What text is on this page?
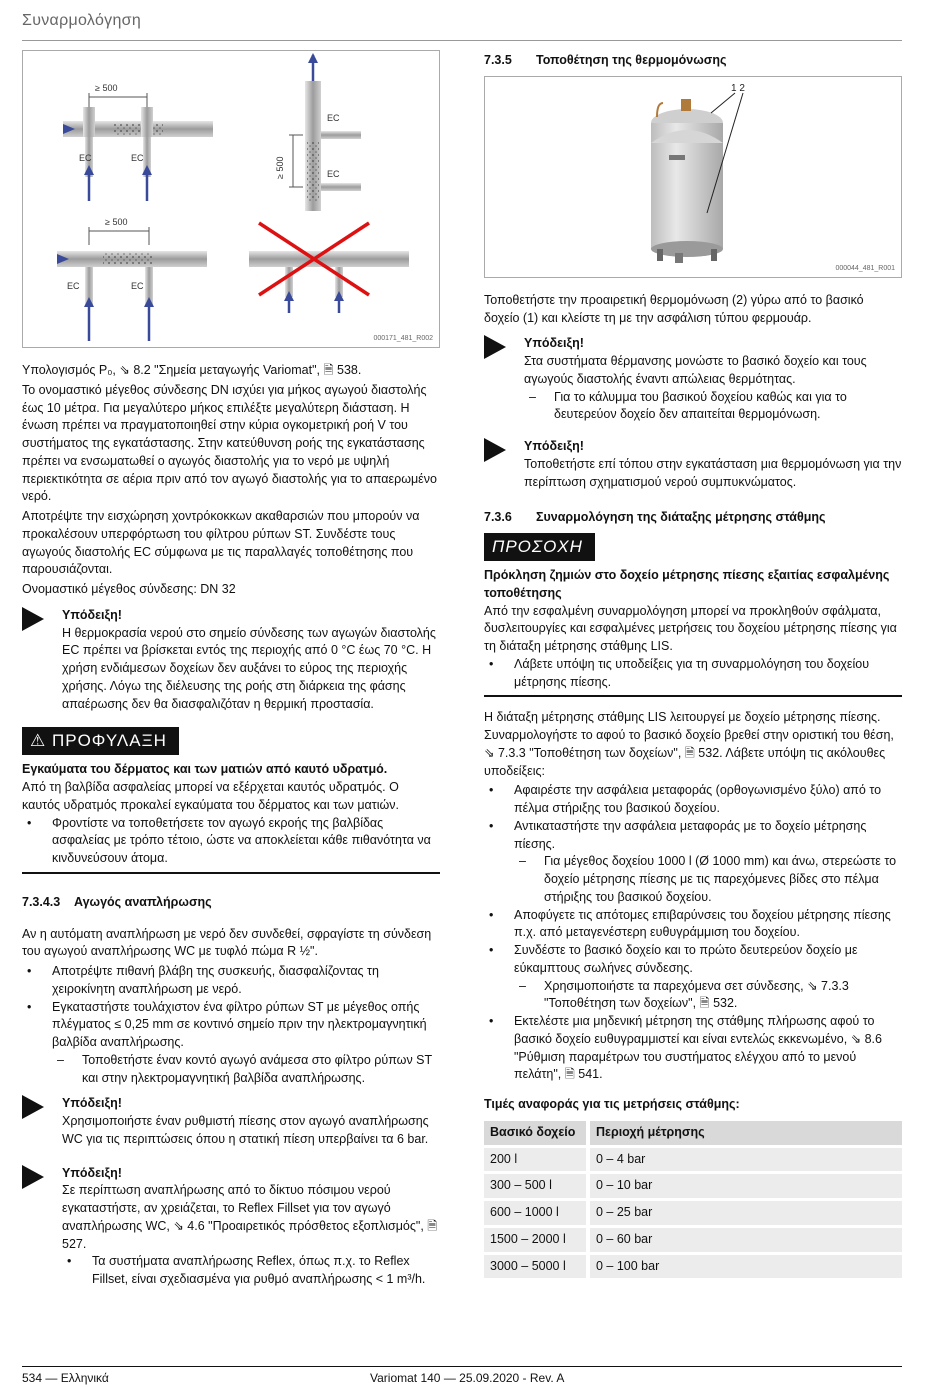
Συναρμολόγηση
≥ 500
EC	EC	≥ 500
EC
EC
≥ 500
EC	EC
000171_481_R002

Υπολογισμός P₀, ⇘ 8.2 "Σημεία μεταγωγής Variomat", 🗎 538.

Το ονομαστικό μέγεθος σύνδεσης DN ισχύει για μήκος αγωγού διαστολής έως 10 μέτρα. Για μεγαλύτερο μήκος επιλέξτε μεγαλύτερη διάσταση. Η ένωση πρέπει να πραγματοποιηθεί στην κύρια ογκομετρική ροή V του συστήματος της εγκατάστασης. Στην κατεύθυνση ροής της εγκατάστασης πρέπει να ενσωματωθεί ο αγωγός διαστολής για το νερό με υψηλή περιεκτικότητα σε αέρια πριν από τον αγωγό διαστολής για το απαερωμένο νερό.

Αποτρέψτε την εισχώρηση χοντρόκοκκων ακαθαρσιών που μπορούν να προκαλέσουν υπερφόρτωση του φίλτρου ρύπων ST. Συνδέστε τους αγωγούς διαστολής EC σύμφωνα με τις παραλλαγές τοποθέτησης που παρουσιάζονται.

Ονομαστικό μέγεθος σύνδεσης: DN 32

Υπόδειξη!
Η θερμοκρασία νερού στο σημείο σύνδεσης των αγωγών διαστολής EC πρέπει να βρίσκεται εντός της περιοχής από 0 °C έως 70 °C. Η χρήση ενδιάμεσων δοχείων δεν αυξάνει το εύρος της περιοχής χρήσης. Λόγω της διέλευσης της ροής στη διάρκεια της φάσης απαέρωσης δεν θα διασφαλιζόταν η θερμική προστασία.
⚠ ΠΡΟΦΥΛΑΞΗ
Εγκαύματα του δέρματος και των ματιών από καυτό υδρατμό.
Από τη βαλβίδα ασφαλείας μπορεί να εξέρχεται καυτός υδρατμός. Ο καυτός υδρατμός προκαλεί εγκαύματα του δέρματος και των ματιών.
• Φροντίστε να τοποθετήσετε τον αγωγό εκροής της βαλβίδας ασφαλείας με τρόπο τέτοιο, ώστε να αποκλείεται κάθε πιθανότητα να κινδυνεύσουν άτομα.
7.3.4.3	Αγωγός αναπλήρωσης

Αν η αυτόματη αναπλήρωση με νερό δεν συνδεθεί, σφραγίστε τη σύνδεση του αγωγού αναπλήρωσης WC με τυφλό πώμα R ½".

• Αποτρέψτε πιθανή βλάβη της συσκευής, διασφαλίζοντας τη χειροκίνητη αναπλήρωση με νερό.
• Εγκαταστήστε τουλάχιστον ένα φίλτρο ρύπων ST με μέγεθος οπής πλέγματος ≤ 0,25 mm σε κοντινό σημείο πριν την ηλεκτρομαγνητική βαλβίδα αναπλήρωσης.
– Τοποθετήστε έναν κοντό αγωγό ανάμεσα στο φίλτρο ρύπων ST και στην ηλεκτρομαγνητική βαλβίδα αναπλήρωσης.
Υπόδειξη!
Χρησιμοποιήστε έναν ρυθμιστή πίεσης στον αγωγό αναπλήρωσης WC για τις περιπτώσεις όπου η στατική πίεση υπερβαίνει τα 6 bar.
Υπόδειξη!
Σε περίπτωση αναπλήρωσης από το δίκτυο πόσιμου νερού εγκαταστήστε, αν χρειάζεται, το Reflex Fillset για τον αγωγό αναπλήρωσης WC, ⇘ 4.6 "Προαιρετικός πρόσθετος εξοπλισμός", 🗎 527.
• Τα συστήματα αναπλήρωσης Reflex, όπως π.χ. το Reflex Fillset, είναι σχεδιασμένα για ρυθμό αναπλήρωσης < 1 m³/h.
7.3.5	Τοποθέτηση της θερμομόνωσης
1 2
000044_481_R001

Τοποθετήστε την προαιρετική θερμομόνωση (2) γύρω από το βασικό δοχείο (1) και κλείστε τη με την ασφάλιση τύπου φερμουάρ.

Υπόδειξη!
Στα συστήματα θέρμανσης μονώστε το βασικό δοχείο και τους αγωγούς διαστολής έναντι απώλειας θερμότητας.
– Για το κάλυμμα του βασικού δοχείου καθώς και για το δευτερεύον δοχείο δεν απαιτείται θερμομόνωση.
Υπόδειξη!
Τοποθετήστε επί τόπου στην εγκατάσταση μια θερμομόνωση για την περίπτωση σχηματισμού νερού συμπυκνώματος.
7.3.6	Συναρμολόγηση της διάταξης μέτρησης στάθμης
ΠΡΟΣΟΧΗ
Πρόκληση ζημιών στο δοχείο μέτρησης πίεσης εξαιτίας εσφαλμένης τοποθέτησης
Από την εσφαλμένη συναρμολόγηση μπορεί να προκληθούν σφάλματα, δυσλειτουργίες και εσφαλμένες μετρήσεις του δοχείου μέτρησης πίεσης για τη διάταξη μέτρησης στάθμης LIS.
• Λάβετε υπόψη τις υποδείξεις για τη συναρμολόγηση του δοχείου μέτρησης πίεσης.

Η διάταξη μέτρησης στάθμης LIS λειτουργεί με δοχείο μέτρησης πίεσης. Συναρμολογήστε το αφού το βασικό δοχείο βρεθεί στην οριστική του θέση, ⇘ 7.3.3 "Τοποθέτηση των δοχείων", 🗎 532. Λάβετε υπόψη τις ακόλουθες υποδείξεις:

• Αφαιρέστε την ασφάλεια μεταφοράς (ορθογωνισμένο ξύλο) από το πέλμα στήριξης του βασικού δοχείου.
• Αντικαταστήστε την ασφάλεια μεταφοράς με το δοχείο μέτρησης πίεσης.
– Για μέγεθος δοχείου 1000 l (Ø 1000 mm) και άνω, στερεώστε το δοχείο μέτρησης πίεσης με τις παρεχόμενες βίδες στο πέλμα στήριξης του βασικού δοχείου.
• Αποφύγετε τις απότομες επιβαρύνσεις του δοχείου μέτρησης πίεσης π.χ. από μεταγενέστερη ευθυγράμμιση του δοχείου.
• Συνδέστε το βασικό δοχείο και το πρώτο δευτερεύον δοχείο με εύκαμπτους σωλήνες σύνδεσης.
– Χρησιμοποιήστε τα παρεχόμενα σετ σύνδεσης, ⇘ 7.3.3 "Τοποθέτηση των δοχείων", 🗎 532.
• Εκτελέστε μια μηδενική μέτρηση της στάθμης πλήρωσης αφού το βασικό δοχείο ευθυγραμμιστεί και είναι εντελώς εκκενωμένο, ⇘ 8.6 "Ρύθμιση παραμέτρων του συστήματος ελέγχου από το μενού πελάτη", 🗎 541.
Τιμές αναφοράς για τις μετρήσεις στάθμης:
Βασικό δοχείο	Περιοχή μέτρησης
200 l	0 – 4 bar
300 – 500 l	0 – 10 bar
600 – 1000 l	0 – 25 bar
1500 – 2000 l	0 – 60 bar
3000 – 5000 l	0 – 100 bar
534 — Ελληνικά	Variomat 140 — 25.09.2020 - Rev. A
